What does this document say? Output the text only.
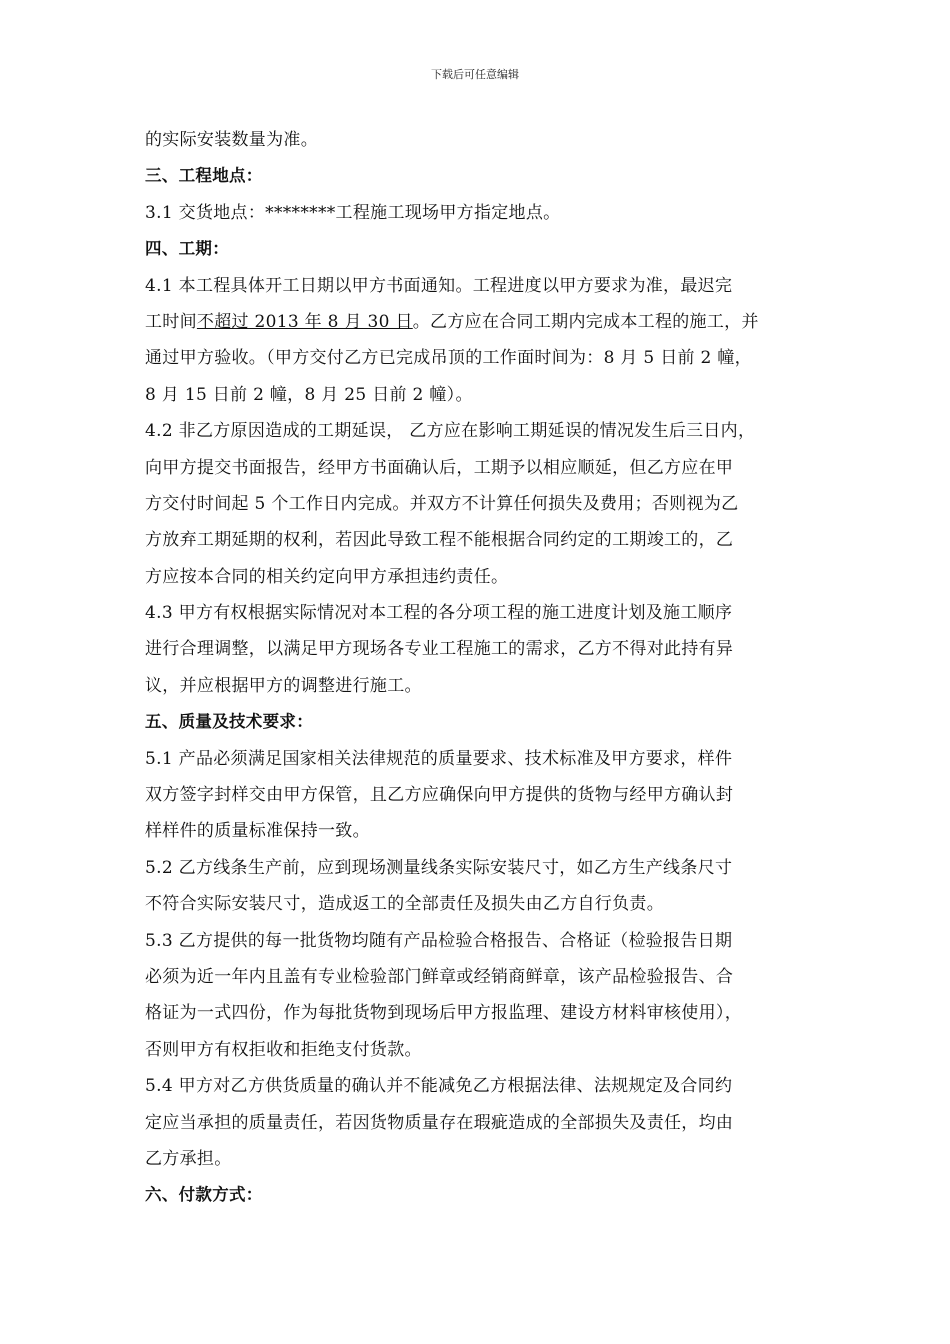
下载后可任意编辑
的实际安装数量为准。
三、工程地点：
3.1 交货地点：********工程施工现场甲方指定地点。
四、工期：
4.1 本工程具体开工日期以甲方书面通知。工程进度以甲方要求为准，最迟完
工时间不超过 2013 年 8 月 30 日。乙方应在合同工期内完成本工程的施工，并
通过甲方验收。（甲方交付乙方已完成吊顶的工作面时间为：8 月 5 日前 2 幢，
8 月 15 日前 2 幢，8 月 25 日前 2 幢）。
4.2 非乙方原因造成的工期延误， 乙方应在影响工期延误的情况发生后三日内，
向甲方提交书面报告，经甲方书面确认后，工期予以相应顺延，但乙方应在甲
方交付时间起 5 个工作日内完成。并双方不计算任何损失及费用；否则视为乙
方放弃工期延期的权利，若因此导致工程不能根据合同约定的工期竣工的，乙
方应按本合同的相关约定向甲方承担违约责任。
4.3 甲方有权根据实际情况对本工程的各分项工程的施工进度计划及施工顺序
进行合理调整，以满足甲方现场各专业工程施工的需求，乙方不得对此持有异
议，并应根据甲方的调整进行施工。
五、质量及技术要求：
5.1 产品必须满足国家相关法律规范的质量要求、技术标准及甲方要求，样件
双方签字封样交由甲方保管，且乙方应确保向甲方提供的货物与经甲方确认封
样样件的质量标准保持一致。
5.2 乙方线条生产前，应到现场测量线条实际安装尺寸，如乙方生产线条尺寸
不符合实际安装尺寸，造成返工的全部责任及损失由乙方自行负责。
5.3 乙方提供的每一批货物均随有产品检验合格报告、合格证（检验报告日期
必须为近一年内且盖有专业检验部门鲜章或经销商鲜章，该产品检验报告、合
格证为一式四份，作为每批货物到现场后甲方报监理、建设方材料审核使用），
否则甲方有权拒收和拒绝支付货款。
5.4 甲方对乙方供货质量的确认并不能减免乙方根据法律、法规规定及合同约
定应当承担的质量责任，若因货物质量存在瑕疵造成的全部损失及责任，均由
乙方承担。
六、付款方式：
